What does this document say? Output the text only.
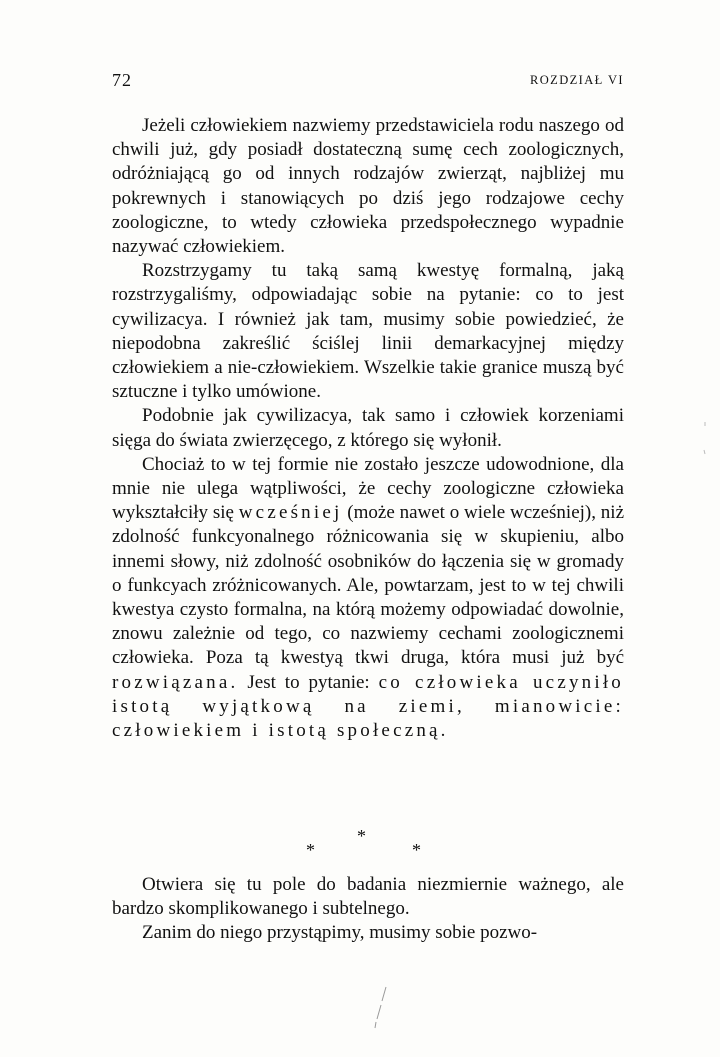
72	ROZDZIAŁ VI

Jeżeli człowiekiem nazwiemy przedstawiciela rodu naszego od chwili już, gdy posiadł dostateczną sumę cech zoologicznych, odróżniającą go od innych rodzajów zwierząt, najbliżej mu pokrewnych i stanowiących po dziś jego rodzajowe cechy zoologiczne, to wtedy człowieka przedspołecznego wypadnie nazywać człowiekiem.

Rozstrzygamy tu taką samą kwestyę formalną, jaką rozstrzygaliśmy, odpowiadając sobie na pytanie: co to jest cywilizacya. I również jak tam, musimy sobie powiedzieć, że niepodobna zakreślić ściślej linii demarkacyjnej między człowiekiem a nie-człowiekiem. Wszelkie takie granice muszą być sztuczne i tylko umówione.

Podobnie jak cywilizacya, tak samo i człowiek korzeniami sięga do świata zwierzęcego, z którego się wyłonił.

Chociaż to w tej formie nie zostało jeszcze udowodnione, dla mnie nie ulega wątpliwości, że cechy zoologiczne człowieka wykształciły się wcześniej (może nawet o wiele wcześniej), niż zdolność funkcyonalnego różnicowania się w skupieniu, albo innemi słowy, niż zdolność osobników do łączenia się w gromady o funkcyach zróżnicowanych. Ale, powtarzam, jest to w tej chwili kwestya czysto formalna, na którą możemy odpowiadać dowolnie, znowu zależnie od tego, co nazwiemy cechami zoologicznemi człowieka. Poza tą kwestyą tkwi druga, która musi już być rozwiązana. Jest to pytanie: co człowieka uczyniło istotą wyjątkową na ziemi, mianowicie: człowiekiem i istotą społeczną.

*
*	*

Otwiera się tu pole do badania niezmiernie ważnego, ale bardzo skomplikowanego i subtelnego.

Zanim do niego przystąpimy, musimy sobie pozwo-
